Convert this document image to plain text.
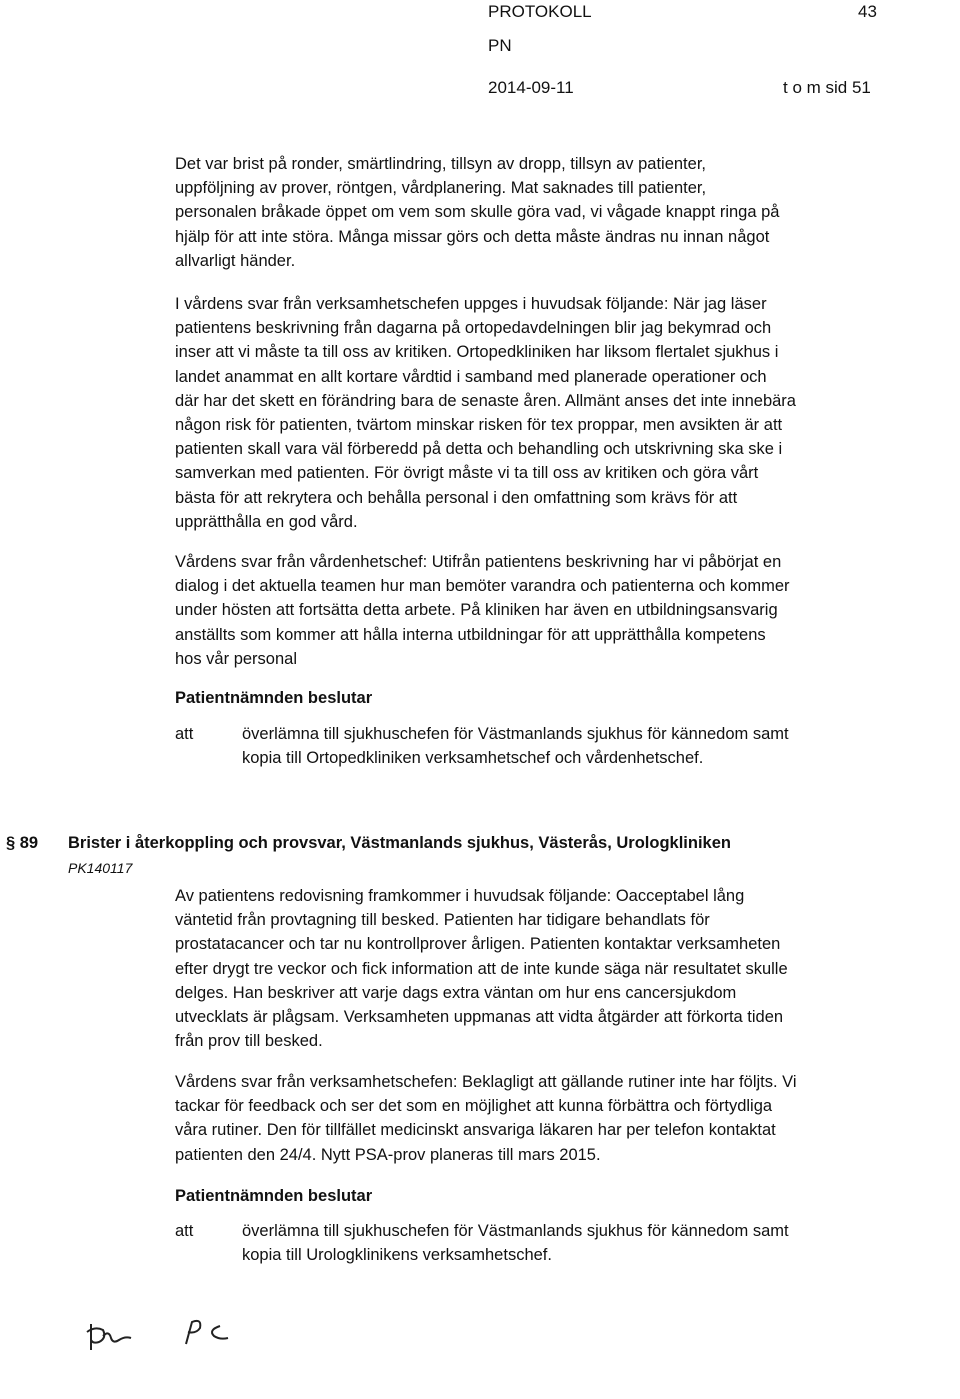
PROTOKOLL	43
PN
2014-09-11	t o m sid 51
Det var brist på ronder, smärtlindring, tillsyn av dropp, tillsyn av patienter,
uppföljning av prover, röntgen, vårdplanering. Mat saknades till patienter,
personalen bråkade öppet om vem som skulle göra vad, vi vågade knappt ringa på
hjälp för att inte störa. Många missar görs och detta måste ändras nu innan något
allvarligt händer.
I vårdens svar från verksamhetschefen uppges i huvudsak följande: När jag läser
patientens beskrivning från dagarna på ortopedavdelningen blir jag bekymrad och
inser att vi måste ta till oss av kritiken. Ortopedkliniken har liksom flertalet sjukhus i
landet anammat en allt kortare vårdtid i samband med planerade operationer och
där har det skett en förändring bara de senaste åren. Allmänt anses det inte innebära
någon risk för patienten, tvärtom minskar risken för tex proppar, men avsikten är att
patienten skall vara väl förberedd på detta och behandling och utskrivning ska ske i
samverkan med patienten. För övrigt måste vi ta till oss av kritiken och göra vårt
bästa för att rekrytera och behålla personal i den omfattning som krävs för att
upprätthålla en god vård.
Vårdens svar från vårdenhetschef: Utifrån patientens beskrivning har vi påbörjat en
dialog i det aktuella teamen hur man bemöter varandra och patienterna och kommer
under hösten att fortsätta detta arbete. På kliniken har även en utbildningsansvarig
anställts som kommer att hålla interna utbildningar för att upprätthålla kompetens
hos vår personal
Patientnämnden beslutar
att	överlämna till sjukhuschefen för Västmanlands sjukhus för kännedom samt
kopia till Ortopedkliniken verksamhetschef och vårdenhetschef.
§ 89 Brister i återkoppling och provsvar, Västmanlands sjukhus, Västerås, Urologkliniken
PK140117
Av patientens redovisning framkommer i huvudsak följande: Oacceptabel lång
väntetid från provtagning till besked. Patienten har tidigare behandlats för
prostatacancer och tar nu kontrollprover årligen. Patienten kontaktar verksamheten
efter drygt tre veckor och fick information att de inte kunde säga när resultatet skulle
delges. Han beskriver att varje dags extra väntan om hur ens cancersjukdom
utvecklats är plågsam. Verksamheten uppmanas att vidta åtgärder att förkorta tiden
från prov till besked.
Vårdens svar från verksamhetschefen: Beklagligt att gällande rutiner inte har följts. Vi
tackar för feedback och ser det som en möjlighet att kunna förbättra och förtydliga
våra rutiner. Den för tillfället medicinskt ansvariga läkaren har per telefon kontaktat
patienten den 24/4. Nytt PSA-prov planeras till mars 2015.
Patientnämnden beslutar
att	överlämna till sjukhuschefen för Västmanlands sjukhus för kännedom samt
kopia till Urologklinikens verksamhetschef.
